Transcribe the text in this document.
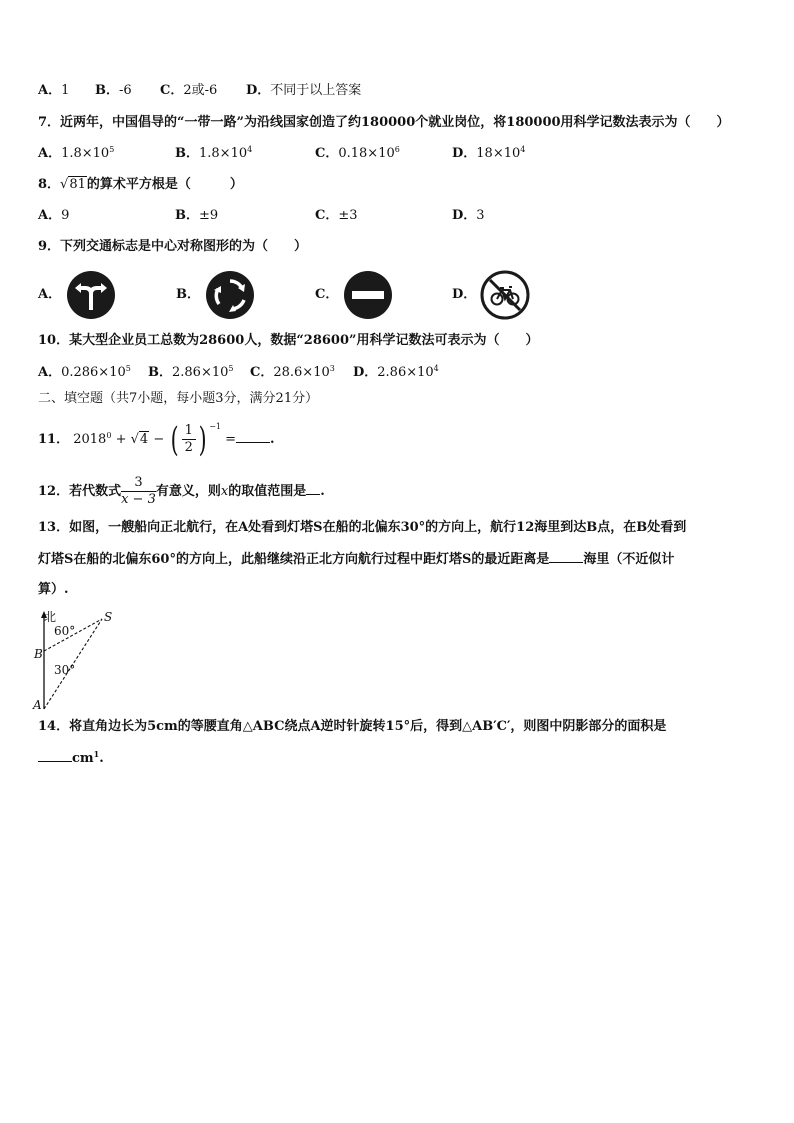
A．1 B．-6 C．2或-6 D．不同于以上答案
7．近两年，中国倡导的“一带一路”为沿线国家创造了约180000个就业岗位，将180000用科学记数法表示为（　　）
A．$1.8\times 10^5$	B．$1.8\times 10^4$	C．$0.18\times 10^6$	D．$18\times 10^4$
8．√81的算术平方根是（　　　）
A．9	B．±9	C．±3	D．3
9．下列交通标志是中心对称图形的为（　　）
A．	B．	C．	D．
10．某大型企业员工总数为28600人，数据“28600”用科学记数法可表示为（　　）
A．$0.286\times 10^5$ B．$2.86\times 10^5$ C．$28.6\times 10^3$ D．$2.86\times 10^4$
二、填空题（共7小题，每小题3分，满分21分）
11． $2018^0 + √4$ − ( $\frac{1}{2}$ ) $^{-1}$ =	.
12．若代数式 $\frac{3}{x - 3}$ 有意义，则x的取值范围是 .
13．如图，一艘船向正北航行，在A处看到灯塔S在船的北偏东30°的方向上，航行12海里到达B点，在B处看到
灯塔S在船的北偏东60°的方向上，此船继续沿正北方向航行过程中距灯塔S的最近距离是	海里（不近似计
算）.
北
60°
30°
S
B
A
14．将直角边长为5cm的等腰直角△ABC绕点A逆时针旋转15°后，得到△AB′C′，则图中阴影部分的面积是
$cm^1$.
